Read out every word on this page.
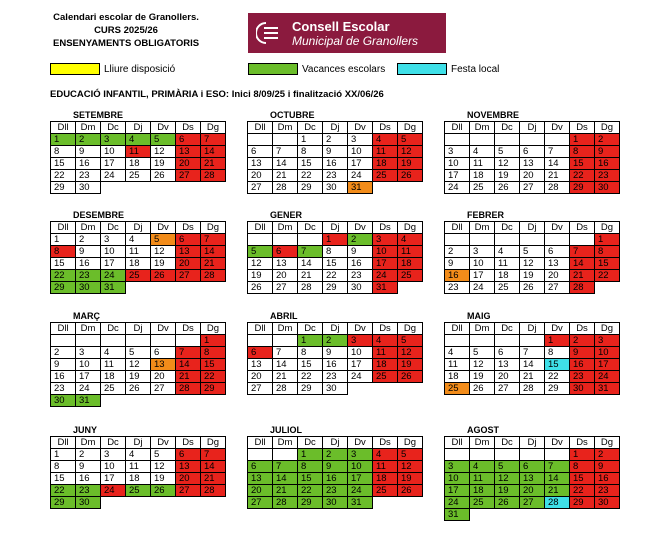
Calendari escolar de Granollers.
CURS 2025/26
ENSENYAMENTS OBLIGATORIS
Consell Escolar
Municipal de Granollers
Lliure disposició	Vacances escolars	Festa local
EDUCACIÓ INFANTIL, PRIMÀRIA i ESO: Inici 8/09/25 i finalització XX/06/26
SETEMBRE
Dll	Dm	Dc	Dj	Dv	Ds	Dg
1	2	3	4	5	6	7
8	9	10	11	12	13	14
15	16	17	18	19	20	21
22	23	24	25	26	27	28
29	30					
OCTUBRE
Dll	Dm	Dc	Dj	Dv	Ds	Dg
		1	2	3	4	5
6	7	8	9	10	11	12
13	14	15	16	17	18	19
20	21	22	23	24	25	26
27	28	29	30	31		
NOVEMBRE
Dll	Dm	Dc	Dj	Dv	Ds	Dg
					1	2
3	4	5	6	7	8	9
10	11	12	13	14	15	16
17	18	19	20	21	22	23
24	25	26	27	28	29	30
DESEMBRE
Dll	Dm	Dc	Dj	Dv	Ds	Dg
1	2	3	4	5	6	7
8	9	10	11	12	13	14
15	16	17	18	19	20	21
22	23	24	25	26	27	28
29	30	31				
GENER
Dll	Dm	Dc	Dj	Dv	Ds	Dg
			1	2	3	4
5	6	7	8	9	10	11
12	13	14	15	16	17	18
19	20	21	22	23	24	25
26	27	28	29	30	31	
FEBRER
Dll	Dm	Dc	Dj	Dv	Ds	Dg
						1
2	3	4	5	6	7	8
9	10	11	12	13	14	15
16	17	18	19	20	21	22
23	24	25	26	27	28	
MARÇ
Dll	Dm	Dc	Dj	Dv	Ds	Dg
						1
2	3	4	5	6	7	8
9	10	11	12	13	14	15
16	17	18	19	20	21	22
23	24	25	26	27	28	29
30	31					
ABRIL
Dll	Dm	Dc	Dj	Dv	Ds	Dg
		1	2	3	4	5
6	7	8	9	10	11	12
13	14	15	16	17	18	19
20	21	22	23	24	25	26
27	28	29	30			
MAIG
Dll	Dm	Dc	Dj	Dv	Ds	Dg
				1	2	3
4	5	6	7	8	9	10
11	12	13	14	15	16	17
18	19	20	21	22	23	24
25	26	27	28	29	30	31
JUNY
Dll	Dm	Dc	Dj	Dv	Ds	Dg
1	2	3	4	5	6	7
8	9	10	11	12	13	14
15	16	17	18	19	20	21
22	23	24	25	26	27	28
29	30					
JULIOL
Dll	Dm	Dc	Dj	Dv	Ds	Dg
		1	2	3	4	5
6	7	8	9	10	11	12
13	14	15	16	17	18	19
20	21	22	23	24	25	26
27	28	29	30	31		
AGOST
Dll	Dm	Dc	Dj	Dv	Ds	Dg
					1	2
3	4	5	6	7	8	9
10	11	12	13	14	15	16
17	18	19	20	21	22	23
24	25	26	27	28	29	30
31						
